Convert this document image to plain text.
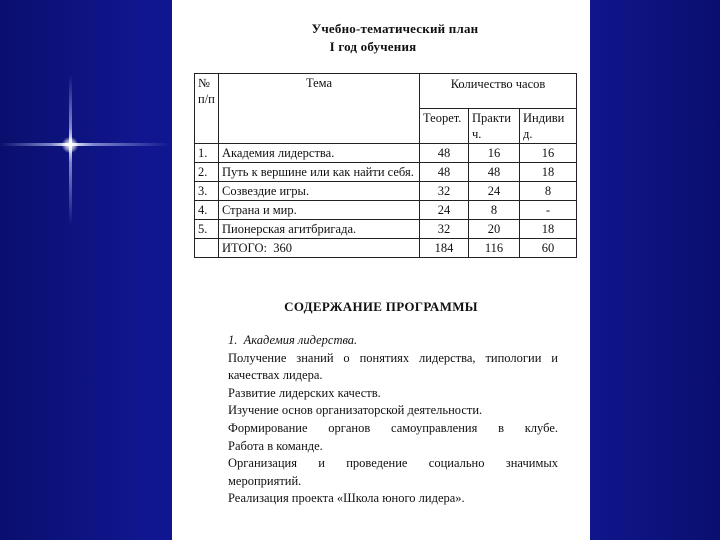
Учебно-тематический план
I год обучения
№ п/п	Тема	Количество часов		
		Теорет.	Практич.	Индивид.
1.	Академия лидерства.	48	16	16
2.	Путь к вершине или как найти себя.	48	48	18
3.	Созвездие игры.	32	24	8
4.	Страна и мир.	24	8	-
5.	Пионерская агитбригада.	32	20	18
	ИТОГО:  360	184	116	60
СОДЕРЖАНИЕ ПРОГРАММЫ

1.  Академия лидерства.

Получение знаний о понятиях лидерства, типологии и качествах лидера.

Развитие лидерских качеств.

Изучение основ организаторской деятельности.

Формирование органов самоуправления в клубе.

Работа в команде.

Организация и проведение социально значимых мероприятий.

Реализация проекта «Школа юного лидера».
